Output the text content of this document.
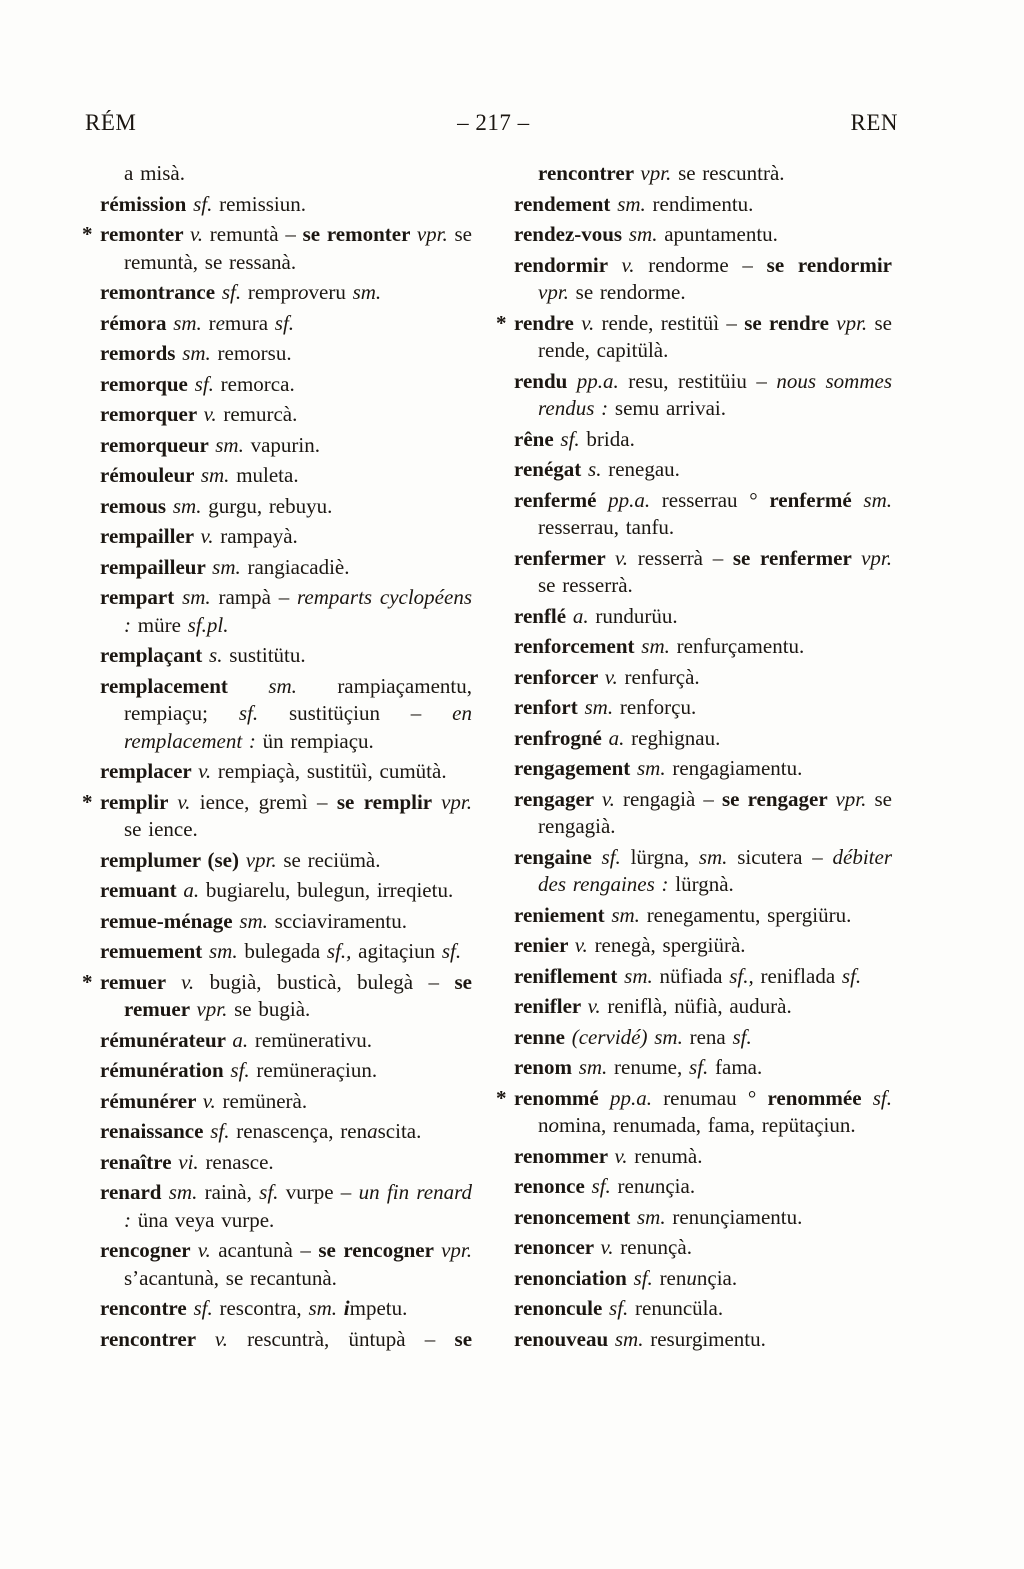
RÉM	– 217 –	REN

a misà.

rémission sf. remissiun.

* remonter v. remuntà – se remonter vpr. se remuntà, se ressanà.

remontrance sf. remproveru sm.

rémora sm. remura sf.

remords sm. remorsu.

remorque sf. remorca.

remorquer v. remurcà.

remorqueur sm. vapurin.

rémouleur sm. muleta.

remous sm. gurgu, rebuyu.

rempailler v. rampayà.

rempailleur sm. rangiacadiè.

rempart sm. rampà – remparts cyclopéens : müre sf.pl.

remplaçant s. sustitütu.

remplacement sm. rampiaçamentu, rempiaçu; sf. sustitüçiun – en remplacement : ün rempiaçu.

remplacer v. rempiaçà, sustitüì, cumütà.

* remplir v. ience, gremì – se remplir vpr. se ience.

remplumer (se) vpr. se reciümà.

remuant a. bugiarelu, bulegun, irreqietu.

remue-ménage sm. scciaviramentu.

remuement sm. bulegada sf., agitaçiun sf.

* remuer v. bugià, busticà, bulegà – se remuer vpr. se bugià.

rémunérateur a. remünerativu.

rémunération sf. remüneraçiun.

rémunérer v. remünerà.

renaissance sf. renascença, renascita.

renaître vi. renasce.

renard sm. rainà, sf. vurpe – un fin renard : üna veya vurpe.

rencogner v. acantunà – se rencogner vpr. s’acantunà, se recantunà.

rencontre sf. rescontra, sm. impetu.

rencontrer v. rescuntrà, üntupà – se

rencontrer vpr. se rescuntrà.

rendement sm. rendimentu.

rendez-vous sm. apuntamentu.

rendormir v. rendorme – se rendormir vpr. se rendorme.

* rendre v. rende, restitüì – se rendre vpr. se rende, capitülà.

rendu pp.a. resu, restitüiu – nous sommes rendus : semu arrivai.

rêne sf. brida.

renégat s. renegau.

renfermé pp.a. resserrau ° renfermé sm. resserrau, tanfu.

renfermer v. resserrà – se renfermer vpr. se resserrà.

renflé a. rundurüu.

renforcement sm. renfurçamentu.

renforcer v. renfurçà.

renfort sm. renforçu.

renfrogné a. reghignau.

rengagement sm. rengagiamentu.

rengager v. rengagià – se rengager vpr. se rengagià.

rengaine sf. lürgna, sm. sicutera – débiter des rengaines : lürgnà.

reniement sm. renegamentu, spergiüru.

renier v. renegà, spergiürà.

reniflement sm. nüfiada sf., reniflada sf.

renifler v. reniflà, nüfià, audurà.

renne (cervidé) sm. rena sf.

renom sm. renume, sf. fama.

* renommé pp.a. renumau ° renommée sf. nomina, renumada, fama, repütaçiun.

renommer v. renumà.

renonce sf. renunçia.

renoncement sm. renunçiamentu.

renoncer v. renunçà.

renonciation sf. renunçia.

renoncule sf. renuncüla.

renouveau sm. resurgimentu.
